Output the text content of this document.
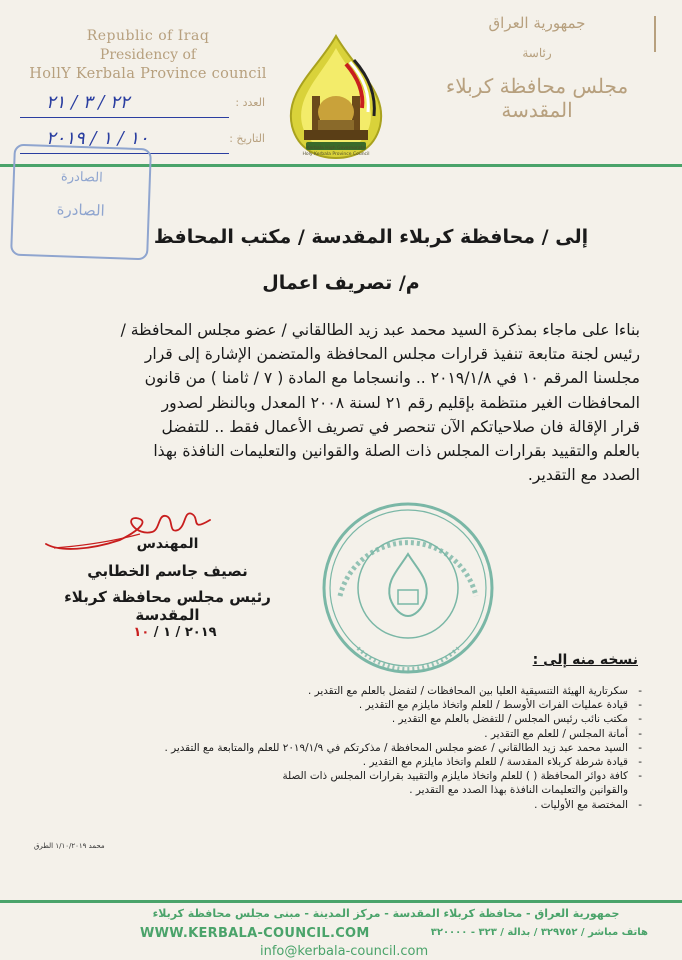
Republic of Iraq
Presidency of
HollY Kerbala Province council
٢٢ / ٣ / ٢١	العدد :
١٠ / ١ / ٢٠١٩	التاريخ :
Kerbala High Governorate
Holy Kerbala Province Council
جمهورية العراق
رئاسة
مجلس محافظة كربلاء المقدسة
الصادرة
الصادرة
إلى / محافظة كربلاء المقدسة / مكتب المحافظ
م/ تصريف اعمال

بناءا على ماجاء بمذكرة السيد محمد عبد زيد الطالقاني / عضو مجلس المحافظة /

رئيس لجنة متابعة تنفيذ قرارات مجلس المحافظة والمتضمن الإشارة إلى قرار

مجلسنا المرقم ١٠ في ٢٠١٩/١/٨ .. وانسجاما مع المادة ( ٧ / ثامنا ) من قانون

المحافظات الغير منتظمة بإقليم رقم ٢١ لسنة ٢٠٠٨ المعدل وبالنظر لصدور

قرار الإقالة فان صلاحياتكم الآن تنحصر في تصريف الأعمال فقط .. للتفضل

بالعلم والتقييد بقرارات المجلس ذات الصلة والقوانين والتعليمات النافذة بهذا

الصدد مع التقدير.

المهندس
نصيف جاسم الخطابي
رئيس مجلس محافظة كربلاء المقدسة
٢٠١٩ / ١ / ١٠
نسخه منه إلى :
- سكرتارية الهيئة التنسيقية العليا بين المحافظات / لتفضل بالعلم مع التقدير .
- قيادة عمليات الفرات الأوسط / للعلم واتخاذ مايلزم مع التقدير .
- مكتب نائب رئيس المجلس / للتفضل بالعلم مع التقدير .
- أمانة المجلس / للعلم مع التقدير .
- السيد محمد عبد زيد الطالقاني / عضو مجلس المحافظة / مذكرتكم في ٢٠١٩/١/٩ للعلم والمتابعة مع التقدير .
- قيادة شرطة كربلاء المقدسة / للعلم واتخاذ مايلزم مع التقدير .
- كافة دوائر المحافظة ( ) للعلم واتخاذ مايلزم والتقييد بقرارات المجلس ذات الصلة
والقوانين والتعليمات النافذة بهذا الصدد مع التقدير .
- المختصة مع الأوليات .
محمد ١/١٠/٢٠١٩ الطرق
جمهورية العراق - محافظة كربلاء المقدسة - مركز المدينة - مبنى مجلس محافظة كربلاء
WWW.KERBALA-COUNCIL.COM	هاتف مباشر / ٣٢٩٧٥٢ / بدالة / ٣٢٣ - ٣٢٠٠٠٠
info@kerbala-council.com
